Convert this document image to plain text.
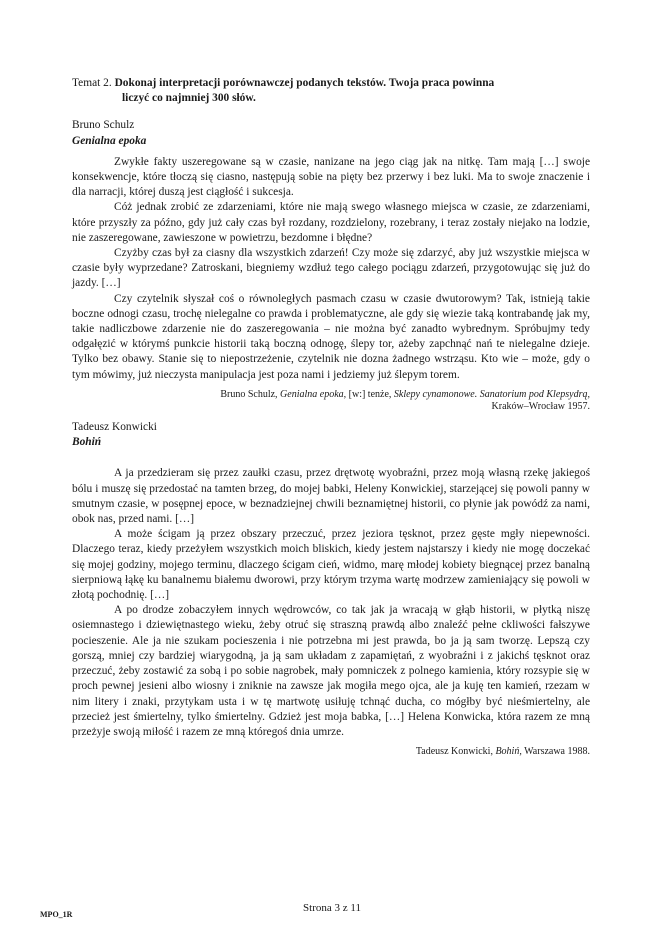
Temat 2. Dokonaj interpretacji porównawczej podanych tekstów. Twoja praca powinna
liczyć co najmniej 300 słów.
Bruno Schulz
Genialna epoka

Zwykłe fakty uszeregowane są w czasie, nanizane na jego ciąg jak na nitkę. Tam mają […] swoje konsekwencje, które tłoczą się ciasno, następują sobie na pięty bez przerwy i bez luki. Ma to swoje znaczenie i dla narracji, której duszą jest ciągłość i sukcesja.

Cóż jednak zrobić ze zdarzeniami, które nie mają swego własnego miejsca w czasie, ze zdarzeniami, które przyszły za późno, gdy już cały czas był rozdany, rozdzielony, rozebrany, i teraz zostały niejako na lodzie, nie zaszeregowane, zawieszone w powietrzu, bezdomne i błędne?

Czyżby czas był za ciasny dla wszystkich zdarzeń! Czy może się zdarzyć, aby już wszystkie miejsca w czasie były wyprzedane? Zatroskani, biegniemy wzdłuż tego całego pociągu zdarzeń, przygotowując się już do jazdy. […]

Czy czytelnik słyszał coś o równoległych pasmach czasu w czasie dwutorowym? Tak, istnieją takie boczne odnogi czasu, trochę nielegalne co prawda i problematyczne, ale gdy się wiezie taką kontrabandę jak my, takie nadliczbowe zdarzenie nie do zaszeregowania – nie można być zanadto wybrednym. Spróbujmy tedy odgałęzić w którymś punkcie historii taką boczną odnogę, ślepy tor, ażeby zapchnąć nań te nielegalne dzieje. Tylko bez obawy. Stanie się to niepostrzeżenie, czytelnik nie dozna żadnego wstrząsu. Kto wie – może, gdy o tym mówimy, już nieczysta manipulacja jest poza nami i jedziemy już ślepym torem.

Bruno Schulz, Genialna epoka, [w:] tenże, Sklepy cynamonowe. Sanatorium pod Klepsydrą,
Kraków–Wrocław 1957.
Tadeusz Konwicki
Bohiń

A ja przedzieram się przez zaułki czasu, przez drętwotę wyobraźni, przez moją własną rzekę jakiegoś bólu i muszę się przedostać na tamten brzeg, do mojej babki, Heleny Konwickiej, starzejącej się powoli panny w smutnym czasie, w posępnej epoce, w beznadziejnej chwili beznamiętnej historii, co płynie jak powódź za nami, obok nas, przed nami. […]

A może ścigam ją przez obszary przeczuć, przez jeziora tęsknot, przez gęste mgły niepewności. Dlaczego teraz, kiedy przeżyłem wszystkich moich bliskich, kiedy jestem najstarszy i kiedy nie mogę doczekać się mojej godziny, mojego terminu, dlaczego ścigam cień, widmo, marę młodej kobiety biegnącej przez banalną sierpniową łąkę ku banalnemu białemu dworowi, przy którym trzyma wartę modrzew zamieniający się powoli w złotą pochodnię. […]

A po drodze zobaczyłem innych wędrowców, co tak jak ja wracają w głąb historii, w płytką niszę osiemnastego i dziewiętnastego wieku, żeby otruć się straszną prawdą albo znaleźć pełne ckliwości fałszywe pocieszenie. Ale ja nie szukam pocieszenia i nie potrzebna mi jest prawda, bo ja ją sam tworzę. Lepszą czy gorszą, mniej czy bardziej wiarygodną, ja ją sam układam z zapamiętań, z wyobraźni i z jakichś tęsknot oraz przeczuć, żeby zostawić za sobą i po sobie nagrobek, mały pomniczek z polnego kamienia, który rozsypie się w proch pewnej jesieni albo wiosny i zniknie na zawsze jak mogiła mego ojca, ale ja kuję ten kamień, rzezam w nim litery i znaki, przytykam usta i w tę martwotę usiłuję tchnąć ducha, co mógłby być nieśmiertelny, ale przecież jest śmiertelny, tylko śmiertelny. Gdzież jest moja babka, […] Helena Konwicka, która razem ze mną przeżyje swoją miłość i razem ze mną któregoś dnia umrze.

Tadeusz Konwicki, Bohiń, Warszawa 1988.
MPO_1R
Strona 3 z 11
